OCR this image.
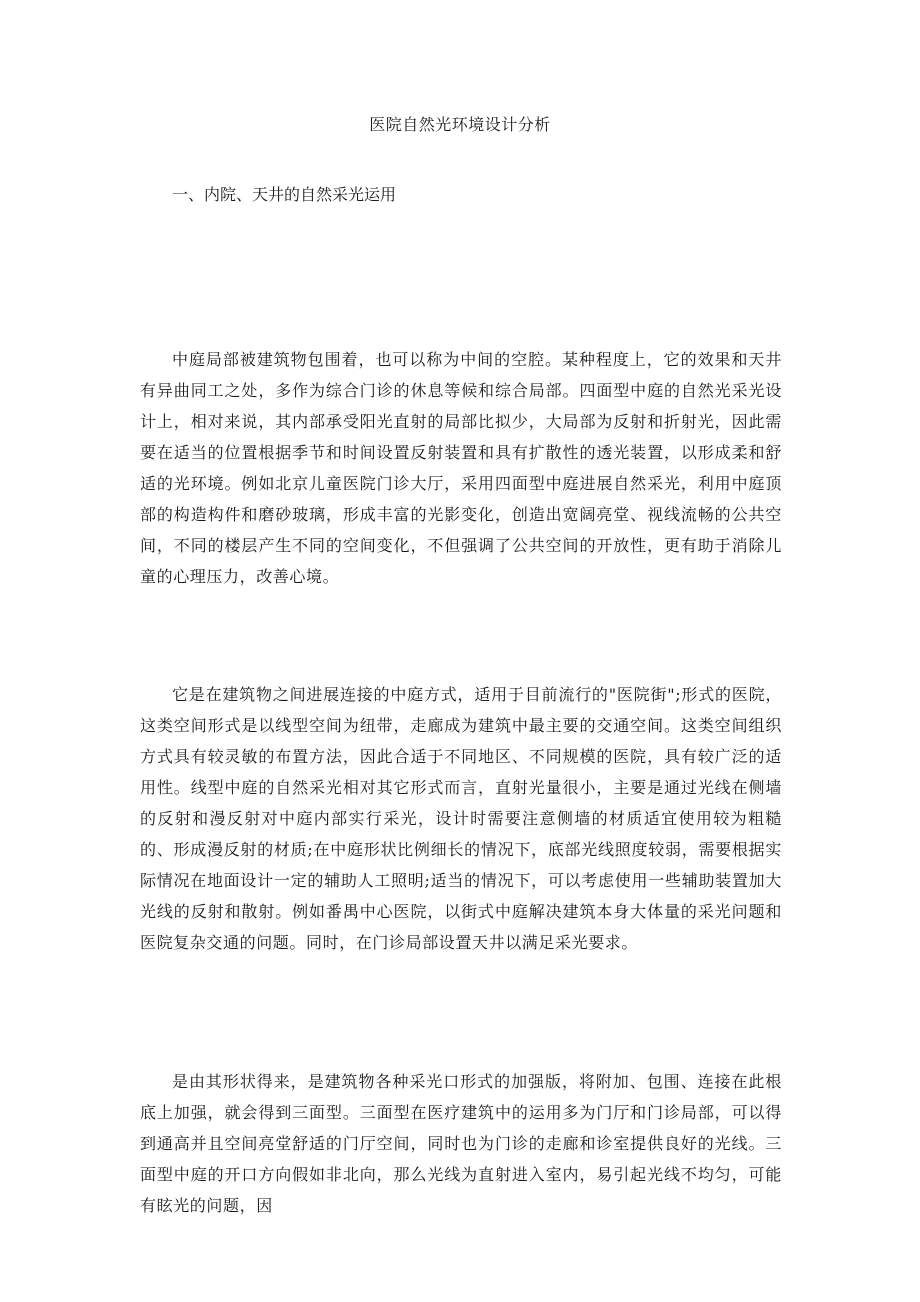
医院自然光环境设计分析
一、内院、天井的自然采光运用

中庭局部被建筑物包围着，也可以称为中间的空腔。某种程度上，它的效果和天井有异曲同工之处，多作为综合门诊的休息等候和综合局部。四面型中庭的自然光采光设计上，相对来说，其内部承受阳光直射的局部比拟少，大局部为反射和折射光，因此需要在适当的位置根据季节和时间设置反射装置和具有扩散性的透光装置，以形成柔和舒适的光环境。例如北京儿童医院门诊大厅，采用四面型中庭进展自然采光，利用中庭顶部的构造构件和磨砂玻璃，形成丰富的光影变化，创造出宽阔亮堂、视线流畅的公共空间，不同的楼层产生不同的空间变化，不但强调了公共空间的开放性，更有助于消除儿童的心理压力，改善心境。

它是在建筑物之间进展连接的中庭方式，适用于目前流行的"医院街";形式的医院，这类空间形式是以线型空间为纽带，走廊成为建筑中最主要的交通空间。这类空间组织方式具有较灵敏的布置方法，因此合适于不同地区、不同规模的医院，具有较广泛的适用性。线型中庭的自然采光相对其它形式而言，直射光量很小，主要是通过光线在侧墙的反射和漫反射对中庭内部实行采光，设计时需要注意侧墙的材质适宜使用较为粗糙的、形成漫反射的材质;在中庭形状比例细长的情况下，底部光线照度较弱，需要根据实际情况在地面设计一定的辅助人工照明;适当的情况下，可以考虑使用一些辅助装置加大光线的反射和散射。例如番禺中心医院，以街式中庭解决建筑本身大体量的采光问题和医院复杂交通的问题。同时，在门诊局部设置天井以满足采光要求。

是由其形状得来，是建筑物各种采光口形式的加强版，将附加、包围、连接在此根底上加强，就会得到三面型。三面型在医疗建筑中的运用多为门厅和门诊局部，可以得到通高并且空间亮堂舒适的门厅空间，同时也为门诊的走廊和诊室提供良好的光线。三面型中庭的开口方向假如非北向，那么光线为直射进入室内，易引起光线不均匀，可能有眩光的问题，因
